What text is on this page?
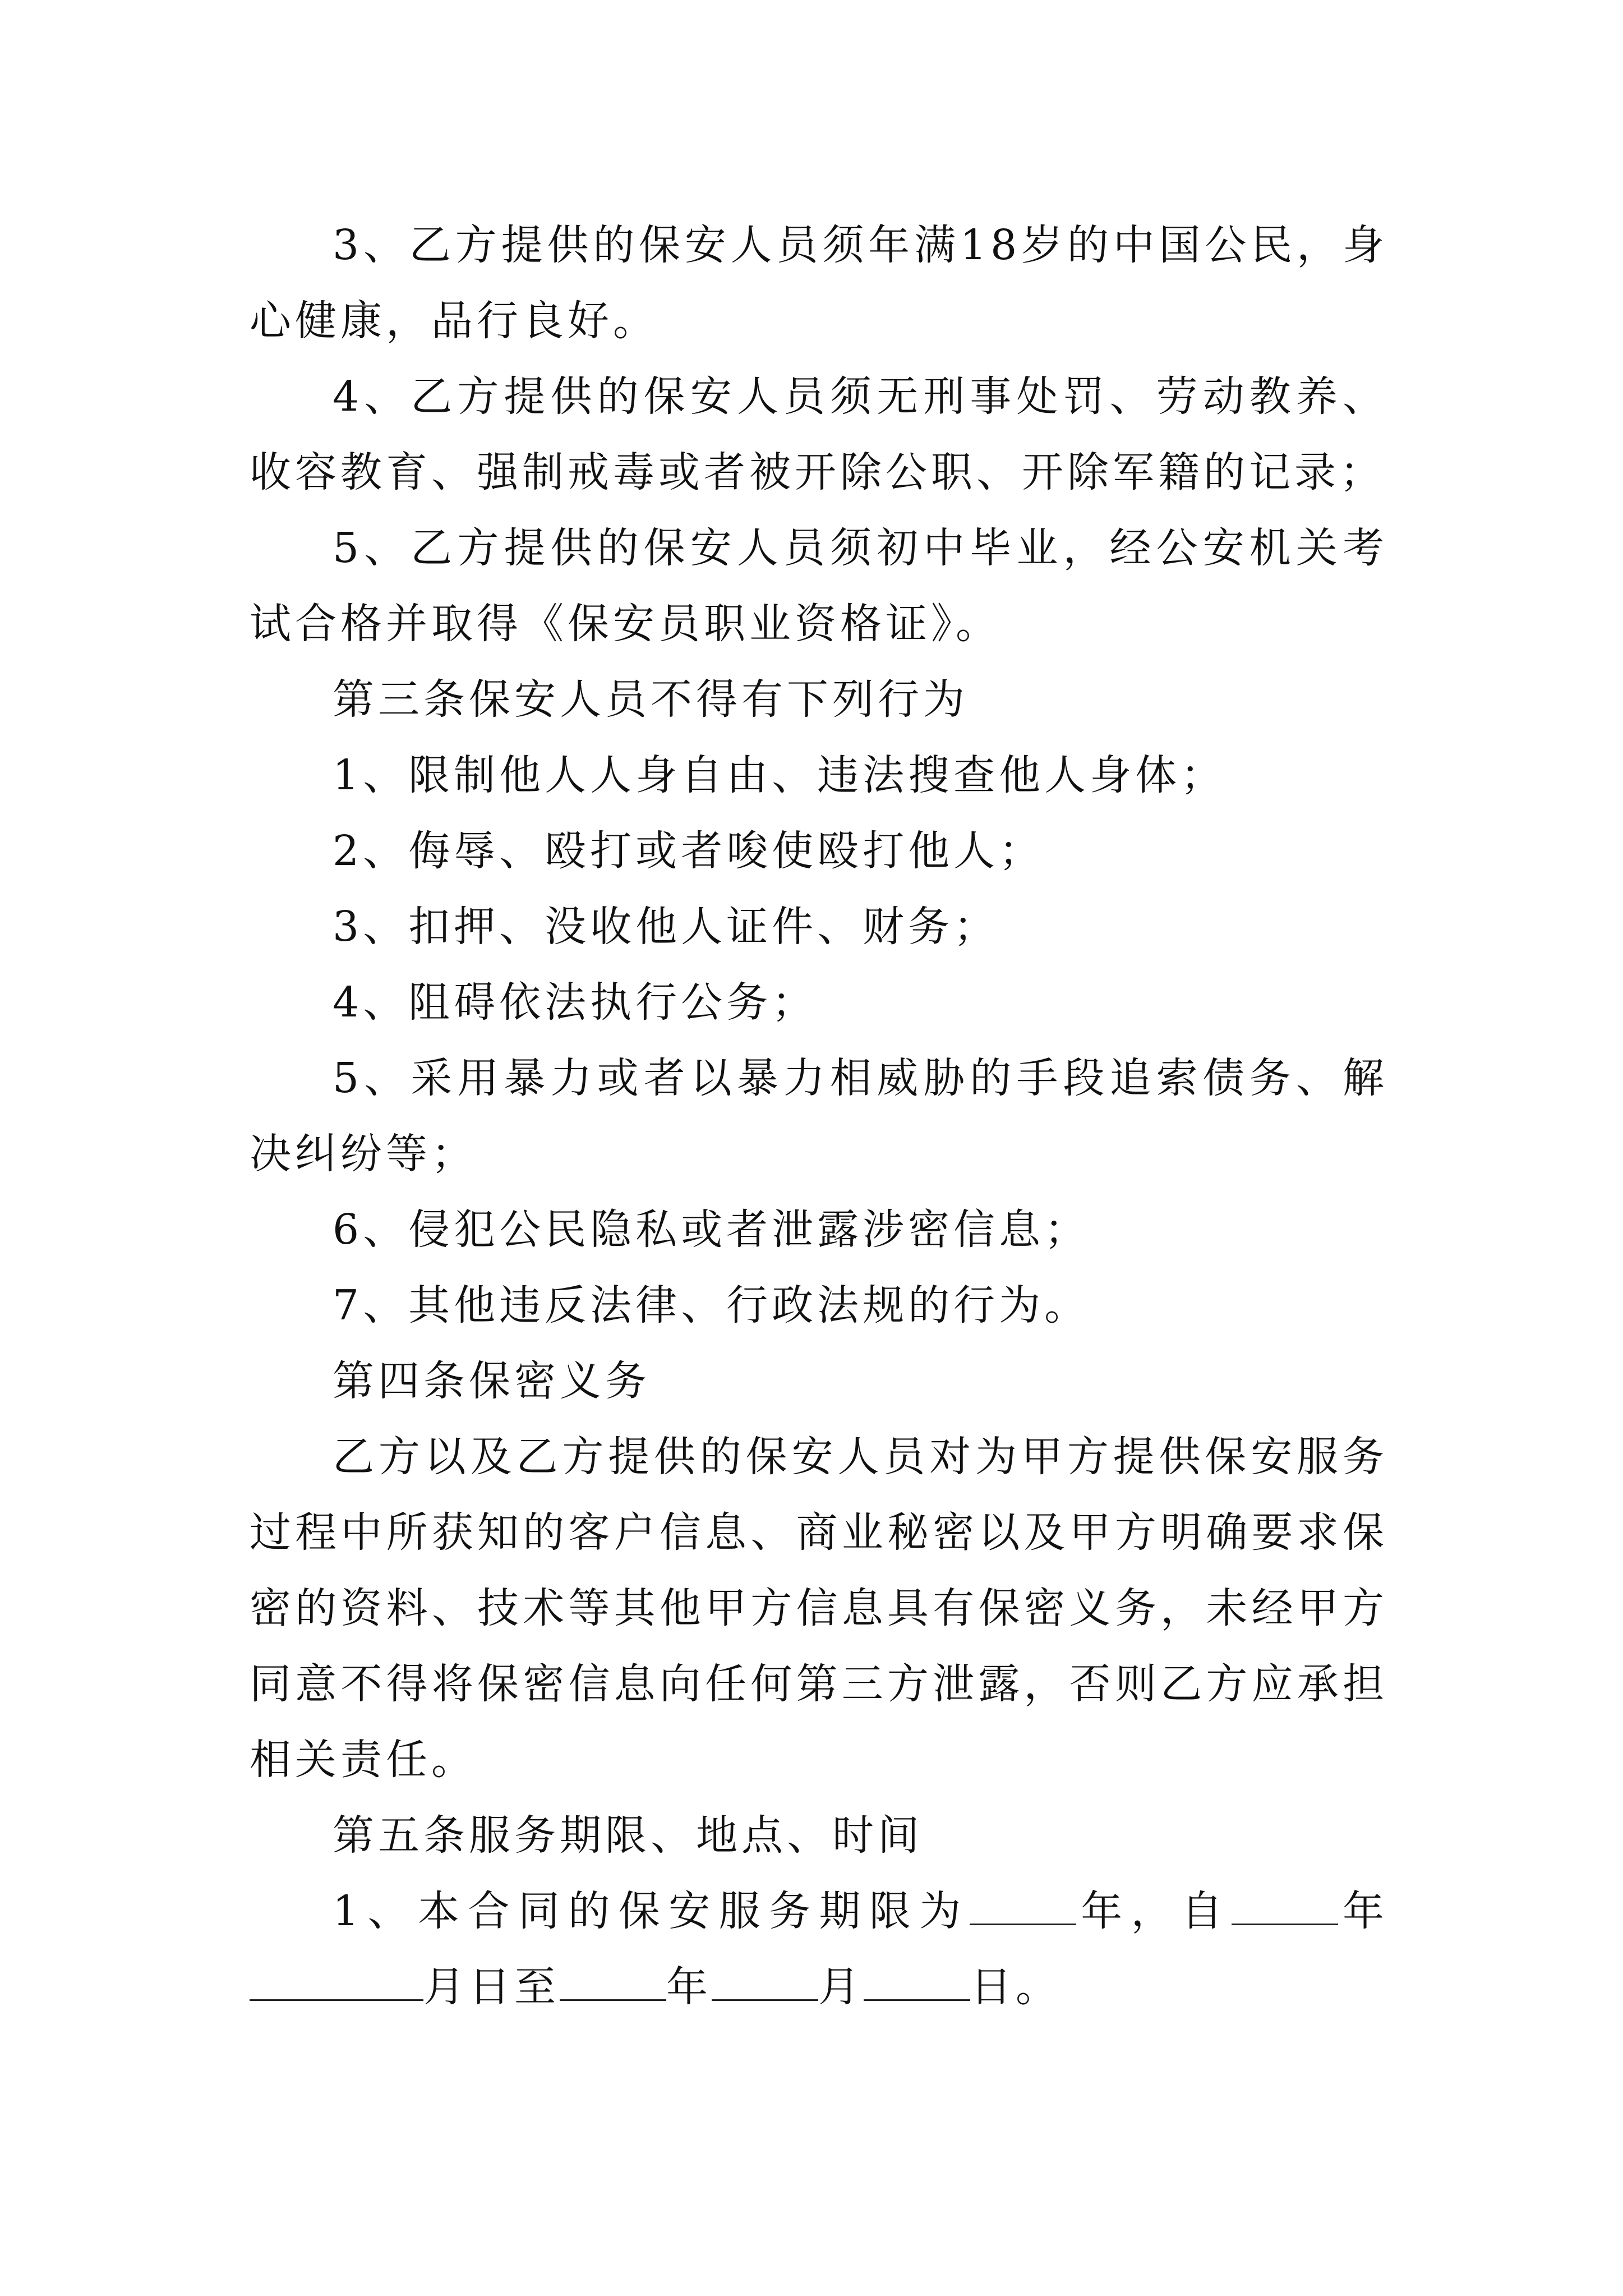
3、乙方提供的保安人员须年满18岁的中国公民，身心健康，品行良好。

4、乙方提供的保安人员须无刑事处罚、劳动教养、收容教育、强制戒毒或者被开除公职、开除军籍的记录；

5、乙方提供的保安人员须初中毕业，经公安机关考试合格并取得《保安员职业资格证》。

第三条保安人员不得有下列行为

1、限制他人人身自由、违法搜查他人身体；

2、侮辱、殴打或者唆使殴打他人；

3、扣押、没收他人证件、财务；

4、阻碍依法执行公务；

5、采用暴力或者以暴力相威胁的手段追索债务、解决纠纷等；

6、侵犯公民隐私或者泄露涉密信息；

7、其他违反法律、行政法规的行为。

第四条保密义务

乙方以及乙方提供的保安人员对为甲方提供保安服务过程中所获知的客户信息、商业秘密以及甲方明确要求保密的资料、技术等其他甲方信息具有保密义务，未经甲方同意不得将保密信息向任何第三方泄露，否则乙方应承担相关责任。

第五条服务期限、地点、时间

1、本合同的保安服务期限为	年，自	年月日至	年	月	日。
